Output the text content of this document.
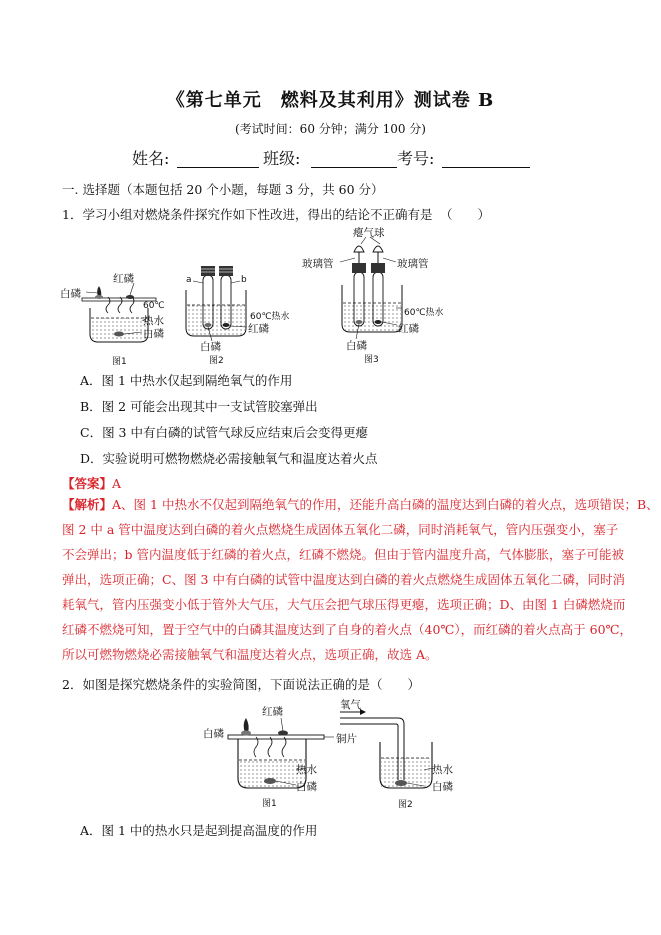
《第七单元　燃料及其利用》测试卷 B
(考试时间：60 分钟；满分 100 分)
姓名:	班级:	考号:
一. 选择题（本题包括 20 个小题，每题 3 分，共 60 分）
1．学习小组对燃烧条件探究作如下性改进，得出的结论不正确有是 （　　）
红磷
白磷
60℃
热水
白磷
图1
a	b
60℃热水
红磷
白磷
图2
瘪气球
玻璃管	玻璃管
60℃热水
红磷
白磷
图3
A．图 1 中热水仅起到隔绝氧气的作用
B．图 2 可能会出现其中一支试管胶塞弹出
C．图 3 中有白磷的试管气球反应结束后会变得更瘪
D．实验说明可燃物燃烧必需接触氧气和温度达着火点
【答案】A
【解析】A、图 1 中热水不仅起到隔绝氧气的作用，还能升高白磷的温度达到白磷的着火点，选项错误；B、
图 2 中 a 管中温度达到白磷的着火点燃烧生成固体五氧化二磷，同时消耗氧气，管内压强变小，塞子
不会弹出；b 管内温度低于红磷的着火点，红磷不燃烧。但由于管内温度升高，气体膨胀，塞子可能被
弹出，选项正确；C、图 3 中有白磷的试管中温度达到白磷的着火点燃烧生成固体五氧化二磷，同时消
耗氧气，管内压强变小低于管外大气压，大气压会把气球压得更瘪，选项正确；D、由图 1 白磷燃烧而
红磷不燃烧可知，置于空气中的白磷其温度达到了自身的着火点（40℃），而红磷的着火点高于 60℃，
所以可燃物燃烧必需接触氧气和温度达着火点，选项正确，故选 A。
2．如图是探究燃烧条件的实验简图，下面说法正确的是（　　）
红磷
白磷	铜片
热水
白磷
图1
氧气
热水
白磷
图2
A．图 1 中的热水只是起到提高温度的作用
